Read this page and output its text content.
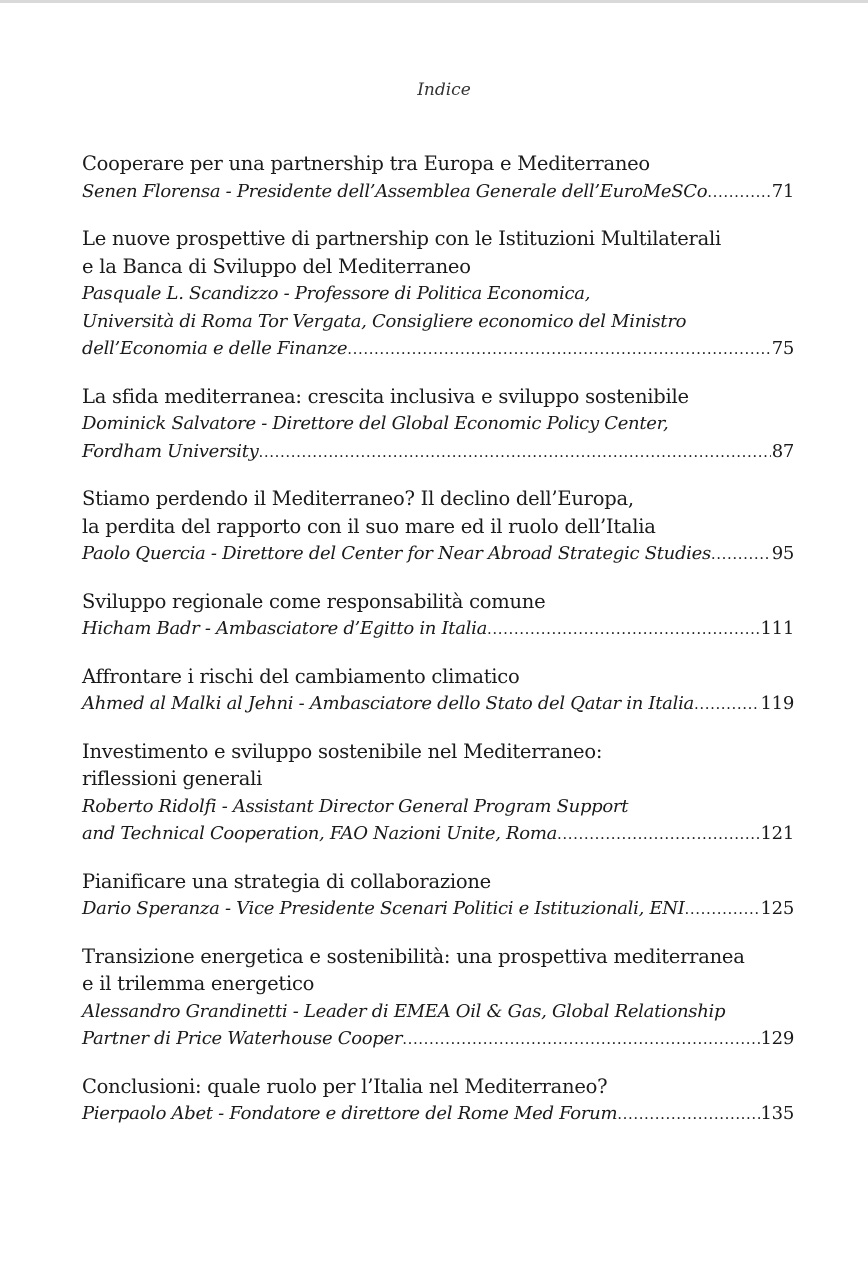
Indice
Cooperare per una partnership tra Europa e Mediterraneo
Senen Florensa - Presidente dell’Assemblea Generale dell’EuroMeSCo .....	71
Le nuove prospettive di partnership con le Istituzioni Multilaterali
e la Banca di Sviluppo del Mediterraneo
Pasquale L. Scandizzo - Professore di Politica Economica,
Università di Roma Tor Vergata, Consigliere economico del Ministro
dell’Economia e delle Finanze .....	75
La sfida mediterranea: crescita inclusiva e sviluppo sostenibile
Dominick Salvatore - Direttore del Global Economic Policy Center,
Fordham University .....	87
Stiamo perdendo il Mediterraneo? Il declino dell’Europa,
la perdita del rapporto con il suo mare ed il ruolo dell’Italia
Paolo Quercia - Direttore del Center for Near Abroad Strategic Studies .....	95
Sviluppo regionale come responsabilità comune
Hicham Badr - Ambasciatore d’Egitto in Italia .....	111
Affrontare i rischi del cambiamento climatico
Ahmed al Malki al Jehni - Ambasciatore dello Stato del Qatar in Italia .....	119
Investimento e sviluppo sostenibile nel Mediterraneo:
riflessioni generali
Roberto Ridolfi - Assistant Director General Program Support
and Technical Cooperation, FAO Nazioni Unite, Roma .....	121
Pianificare una strategia di collaborazione
Dario Speranza - Vice Presidente Scenari Politici e Istituzionali, ENI .....	125
Transizione energetica e sostenibilità: una prospettiva mediterranea
e il trilemma energetico
Alessandro Grandinetti - Leader di EMEA Oil & Gas, Global Relationship
Partner di Price Waterhouse Cooper .....	129
Conclusioni: quale ruolo per l’Italia nel Mediterraneo?
Pierpaolo Abet - Fondatore e direttore del Rome Med Forum .....	135
